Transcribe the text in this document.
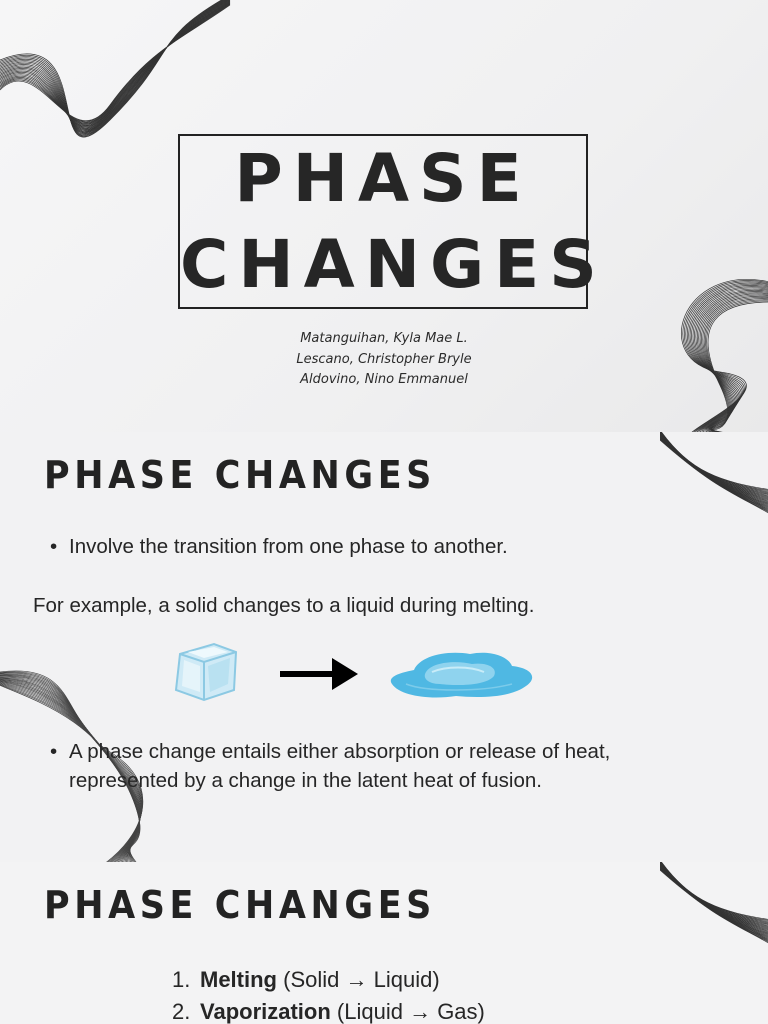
PHASE
CHANGES
Matanguihan, Kyla Mae L.
Lescano, Christopher Bryle
Aldovino, Nino Emmanuel
PHASE CHANGES
• Involve the transition from one phase to another.
For example, a solid changes to a liquid during melting.
• A phase change entails either absorption or release of heat, represented by a change in the latent heat of fusion.
PHASE CHANGES
1. Melting (Solid → Liquid)
2. Vaporization (Liquid → Gas)
